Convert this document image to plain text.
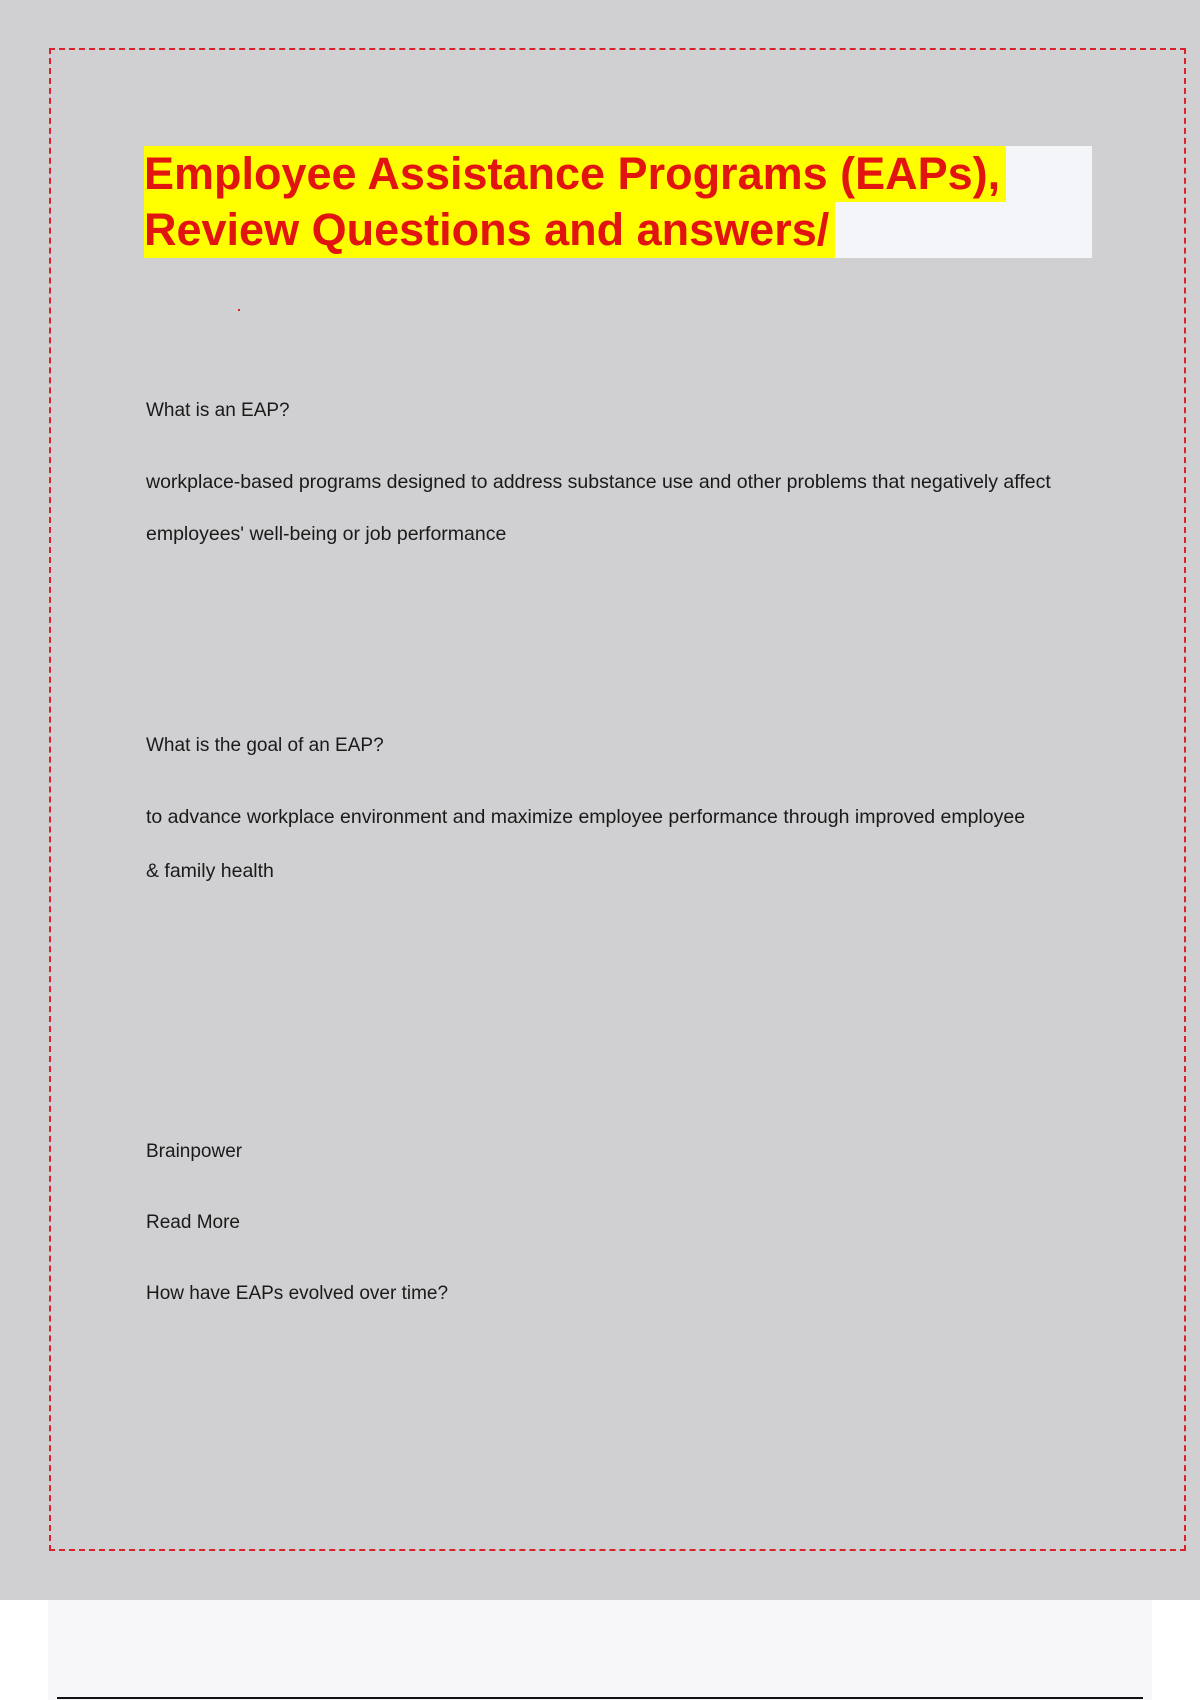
Employee Assistance Programs (EAPs),
Review Questions and answers/
What is an EAP?
workplace-based programs designed to address substance use and other problems that negatively affect
employees' well-being or job performance
What is the goal of an EAP?
to advance workplace environment and maximize employee performance through improved employee
& family health
Brainpower
Read More
How have EAPs evolved over time?
